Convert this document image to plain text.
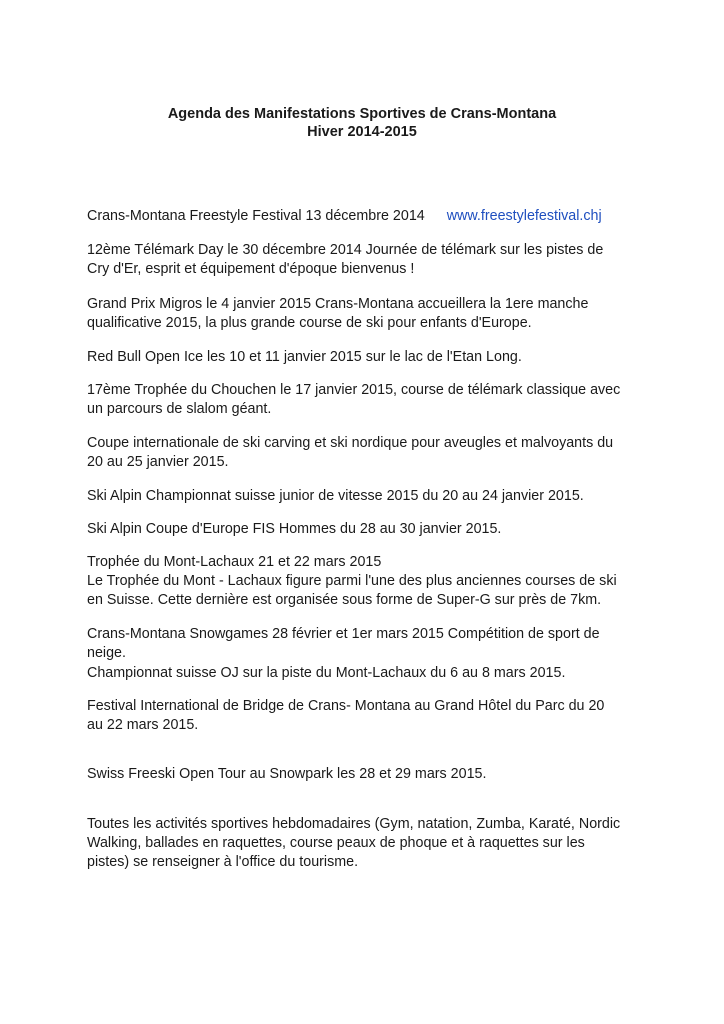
Agenda des Manifestations Sportives de Crans-Montana
Hiver 2014-2015
Crans-Montana Freestyle Festival 13 décembre 2014 www.freestylefestival.chj
12ème Télémark Day le 30 décembre 2014 Journée de télémark sur les pistes de
Cry d'Er, esprit et équipement d'époque bienvenus !
Grand Prix Migros le 4 janvier 2015 Crans-Montana accueillera la 1ere manche
qualificative 2015, la plus grande course de ski pour enfants d'Europe.
Red Bull Open Ice les 10 et 11 janvier 2015 sur le lac de l'Etan Long.
17ème Trophée du Chouchen le 17 janvier 2015, course de télémark classique avec
un parcours de slalom géant.
Coupe internationale de ski carving et ski nordique pour aveugles et malvoyants du
20 au 25 janvier 2015.
Ski Alpin Championnat suisse junior de vitesse 2015 du 20 au 24 janvier 2015.
Ski Alpin Coupe d'Europe FIS Hommes du 28 au 30 janvier 2015.
Trophée du Mont-Lachaux 21 et 22 mars 2015
Le Trophée du Mont - Lachaux figure parmi l'une des plus anciennes courses de ski
en Suisse. Cette dernière est organisée sous forme de Super-G sur près de 7km.
Crans-Montana Snowgames 28 février et 1er mars 2015 Compétition de sport de
neige.
Championnat suisse OJ sur la piste du Mont-Lachaux du 6 au 8 mars 2015.
Festival International de Bridge de Crans- Montana au Grand Hôtel du Parc du 20
au 22 mars 2015.
Swiss Freeski Open Tour au Snowpark les 28 et 29 mars 2015.
Toutes les activités sportives hebdomadaires (Gym, natation, Zumba, Karaté, Nordic
Walking, ballades en raquettes, course peaux de phoque et à raquettes sur les
pistes) se renseigner à l'office du tourisme.
